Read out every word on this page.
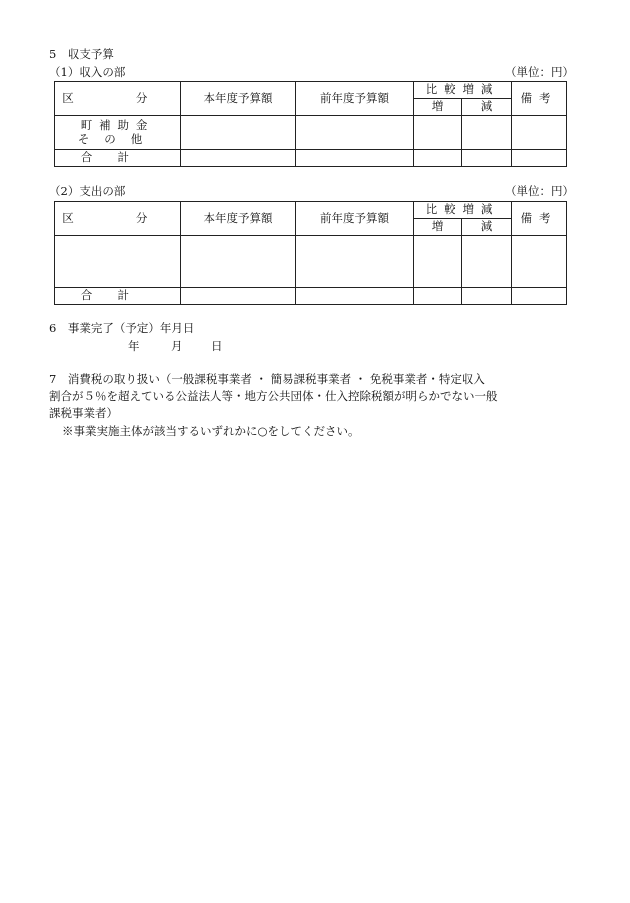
5　収支予算
（1）収入の部	（単位：円）
区　分	本年度予算額	前年度予算額	比較増減		備考
			増	減	

町補助金
その他					

合計					
（2）支出の部	（単位：円）
区　分	本年度予算額	前年度予算額	比較増減		備考
			増	減	

合計					
6　事業完了（予定）年月日
年	月 日
7　消費税の取り扱い（一般課税事業者 ・ 簡易課税事業者 ・ 免税事業者・特定収入
割合が５％を超えている公益法人等・地方公共団体・仕入控除税額が明らかでない一般
課税事業者）
※事業実施主体が該当するいずれかに○をしてください。
